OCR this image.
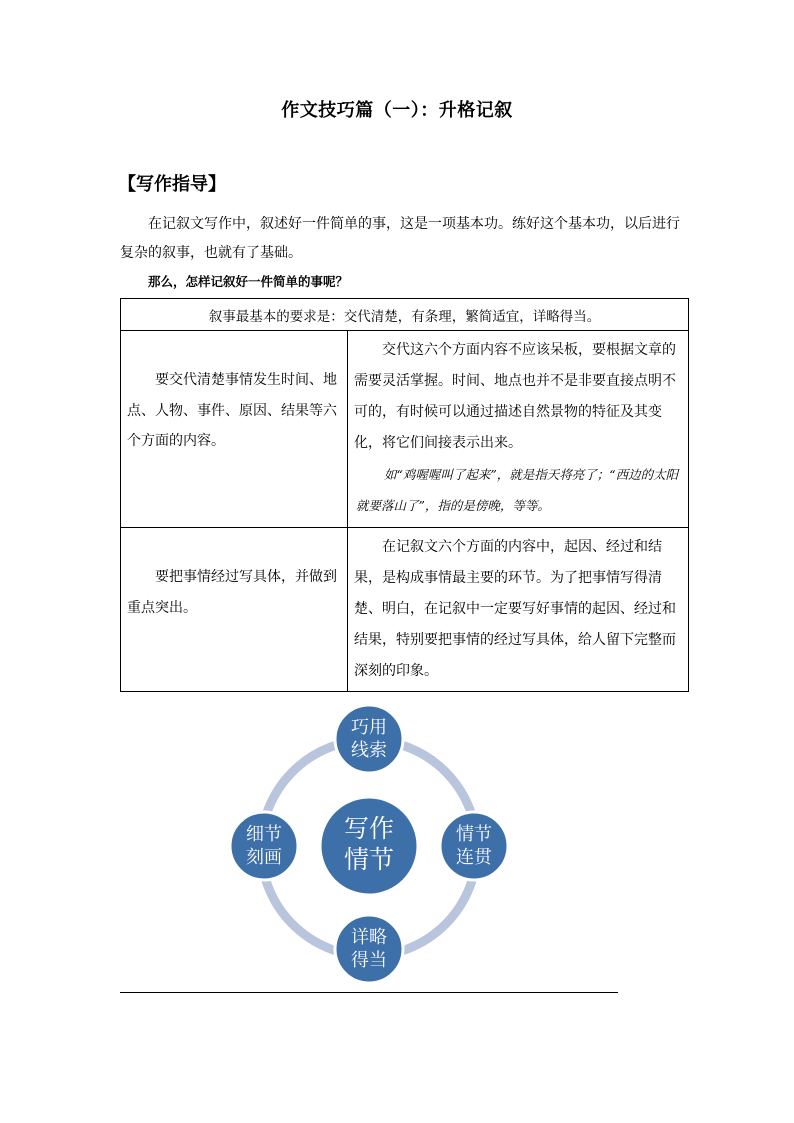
作文技巧篇（一）：升格记叙
【写作指导】

在记叙文写作中，叙述好一件简单的事，这是一项基本功。练好这个基本功，以后进行复杂的叙事，也就有了基础。

那么，怎样记叙好一件简单的事呢？
叙事最基本的要求是：交代清楚，有条理，繁简适宜，详略得当。	

要交代清楚事情发生时间、地点、人物、事件、原因、结果等六个方面的内容。	交代这六个方面内容不应该呆板，要根据文章的需要灵活掌握。时间、地点也并不是非要直接点明不可的，有时候可以通过描述自然景物的特征及其变化，将它们间接表示出来。

如“鸡喔喔叫了起来”，就是指天将亮了；“西边的太阳就要落山了”，指的是傍晚，等等。

要把事情经过写具体，并做到重点突出。	在记叙文六个方面的内容中，起因、经过和结果，是构成事情最主要的环节。为了把事情写得清楚、明白，在记叙中一定要写好事情的起因、经过和结果，特别要把事情的经过写具体，给人留下完整而深刻的印象。

写作
情节
巧用
线索
情节
连贯
详略
得当
细节
刻画
